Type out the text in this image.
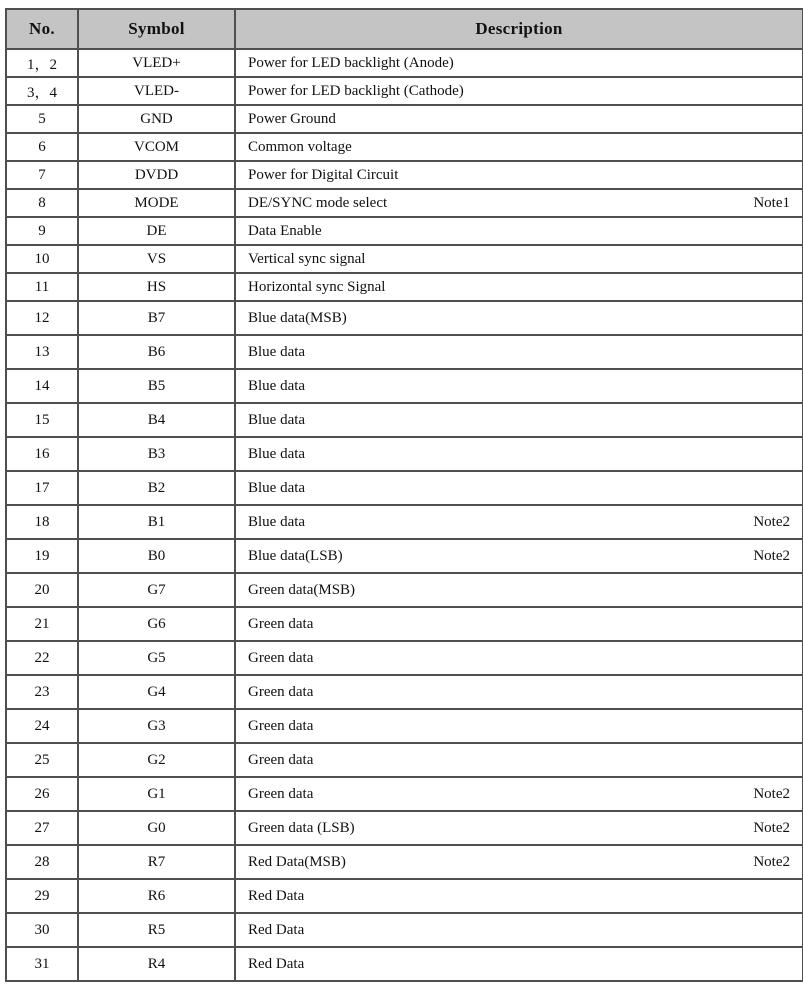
No.	Symbol	Description
1，2	VLED+	Power for LED backlight (Anode)

3，4	VLED-	Power for LED backlight (Cathode)

5	GND	Power Ground

6	VCOM	Common voltage

7	DVDD	Power for Digital Circuit

8	MODE	DE/SYNC mode select Note1

9	DE	Data Enable

10	VS	Vertical sync signal

11	HS	Horizontal sync Signal

12	B7	Blue data(MSB)

13	B6	Blue data

14	B5	Blue data

15	B4	Blue data

16	B3	Blue data

17	B2	Blue data

18	B1	Blue data Note2

19	B0	Blue data(LSB) Note2

20	G7	Green data(MSB)

21	G6	Green data

22	G5	Green data

23	G4	Green data

24	G3	Green data

25	G2	Green data

26	G1	Green data Note2

27	G0	Green data (LSB) Note2

28	R7	Red Data(MSB) Note2

29	R6	Red Data

30	R5	Red Data

31	R4	Red Data
